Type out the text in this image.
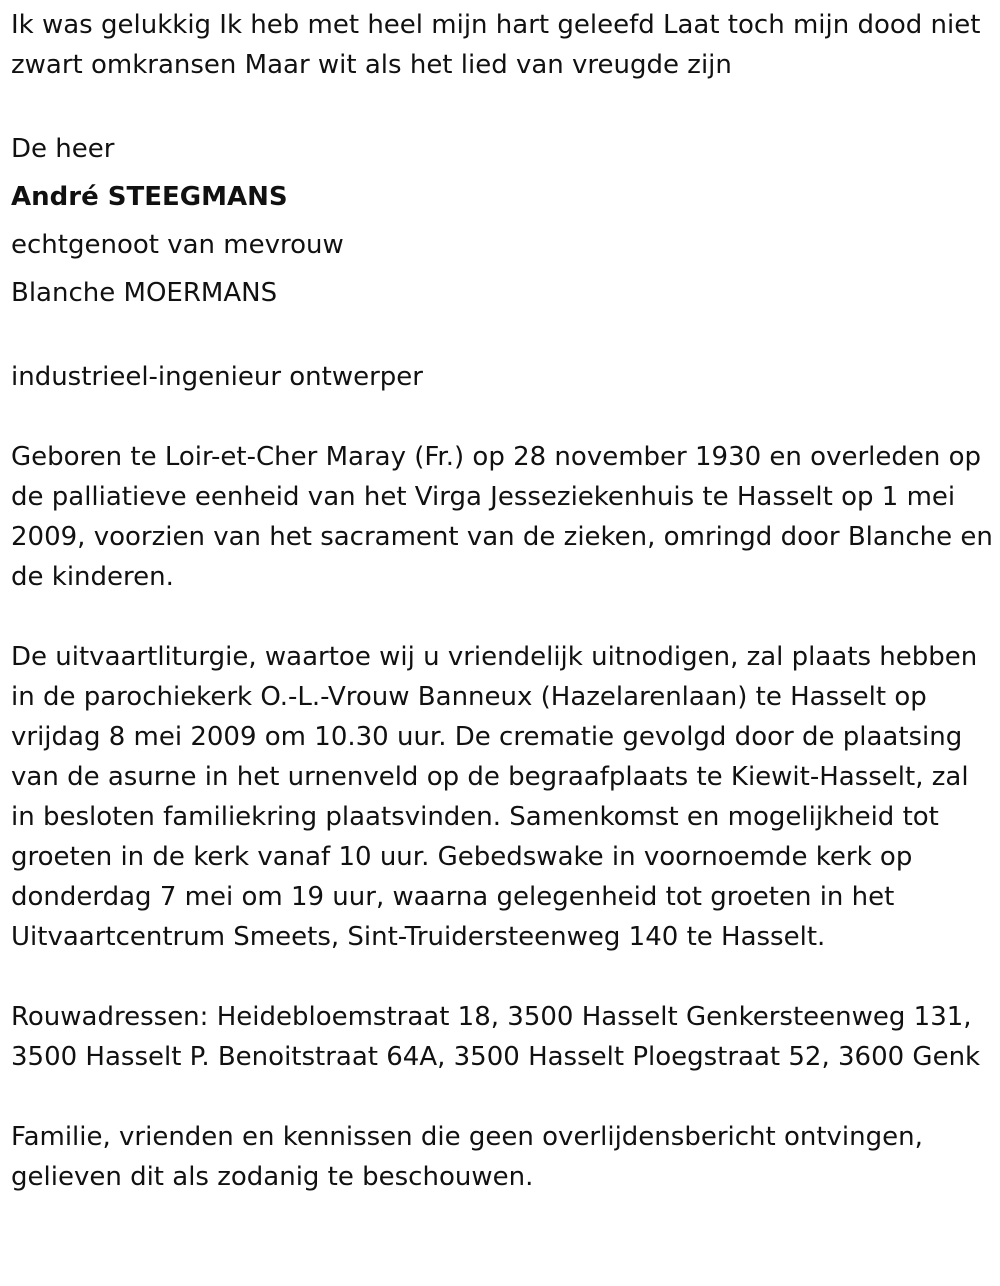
Ik was gelukkig Ik heb met heel mijn hart geleefd Laat toch mijn dood niet zwart omkransen Maar wit als het lied van vreugde zijn

De heer

André STEEGMANS

echtgenoot van mevrouw

Blanche MOERMANS

industrieel-ingenieur ontwerper

Geboren te Loir-et-Cher Maray (Fr.) op 28 november 1930 en overleden op de palliatieve eenheid van het Virga Jesseziekenhuis te Hasselt op 1 mei 2009, voorzien van het sacrament van de zieken, omringd door Blanche en de kinderen.

De uitvaartliturgie, waartoe wij u vriendelijk uitnodigen, zal plaats hebben in de parochiekerk O.-L.-Vrouw Banneux (Hazelarenlaan) te Hasselt op vrijdag 8 mei 2009 om 10.30 uur. De crematie gevolgd door de plaatsing van de asurne in het urnenveld op de begraafplaats te Kiewit-Hasselt, zal in besloten familiekring plaatsvinden. Samenkomst en mogelijkheid tot groeten in de kerk vanaf 10 uur. Gebedswake in voornoemde kerk op donderdag 7 mei om 19 uur, waarna gelegenheid tot groeten in het Uitvaartcentrum Smeets, Sint-Truidersteenweg 140 te Hasselt.

Rouwadressen: Heidebloemstraat 18, 3500 Hasselt Genkersteenweg 131, 3500 Hasselt P. Benoitstraat 64A, 3500 Hasselt Ploegstraat 52, 3600 Genk

Familie, vrienden en kennissen die geen overlijdensbericht ontvingen, gelieven dit als zodanig te beschouwen.
